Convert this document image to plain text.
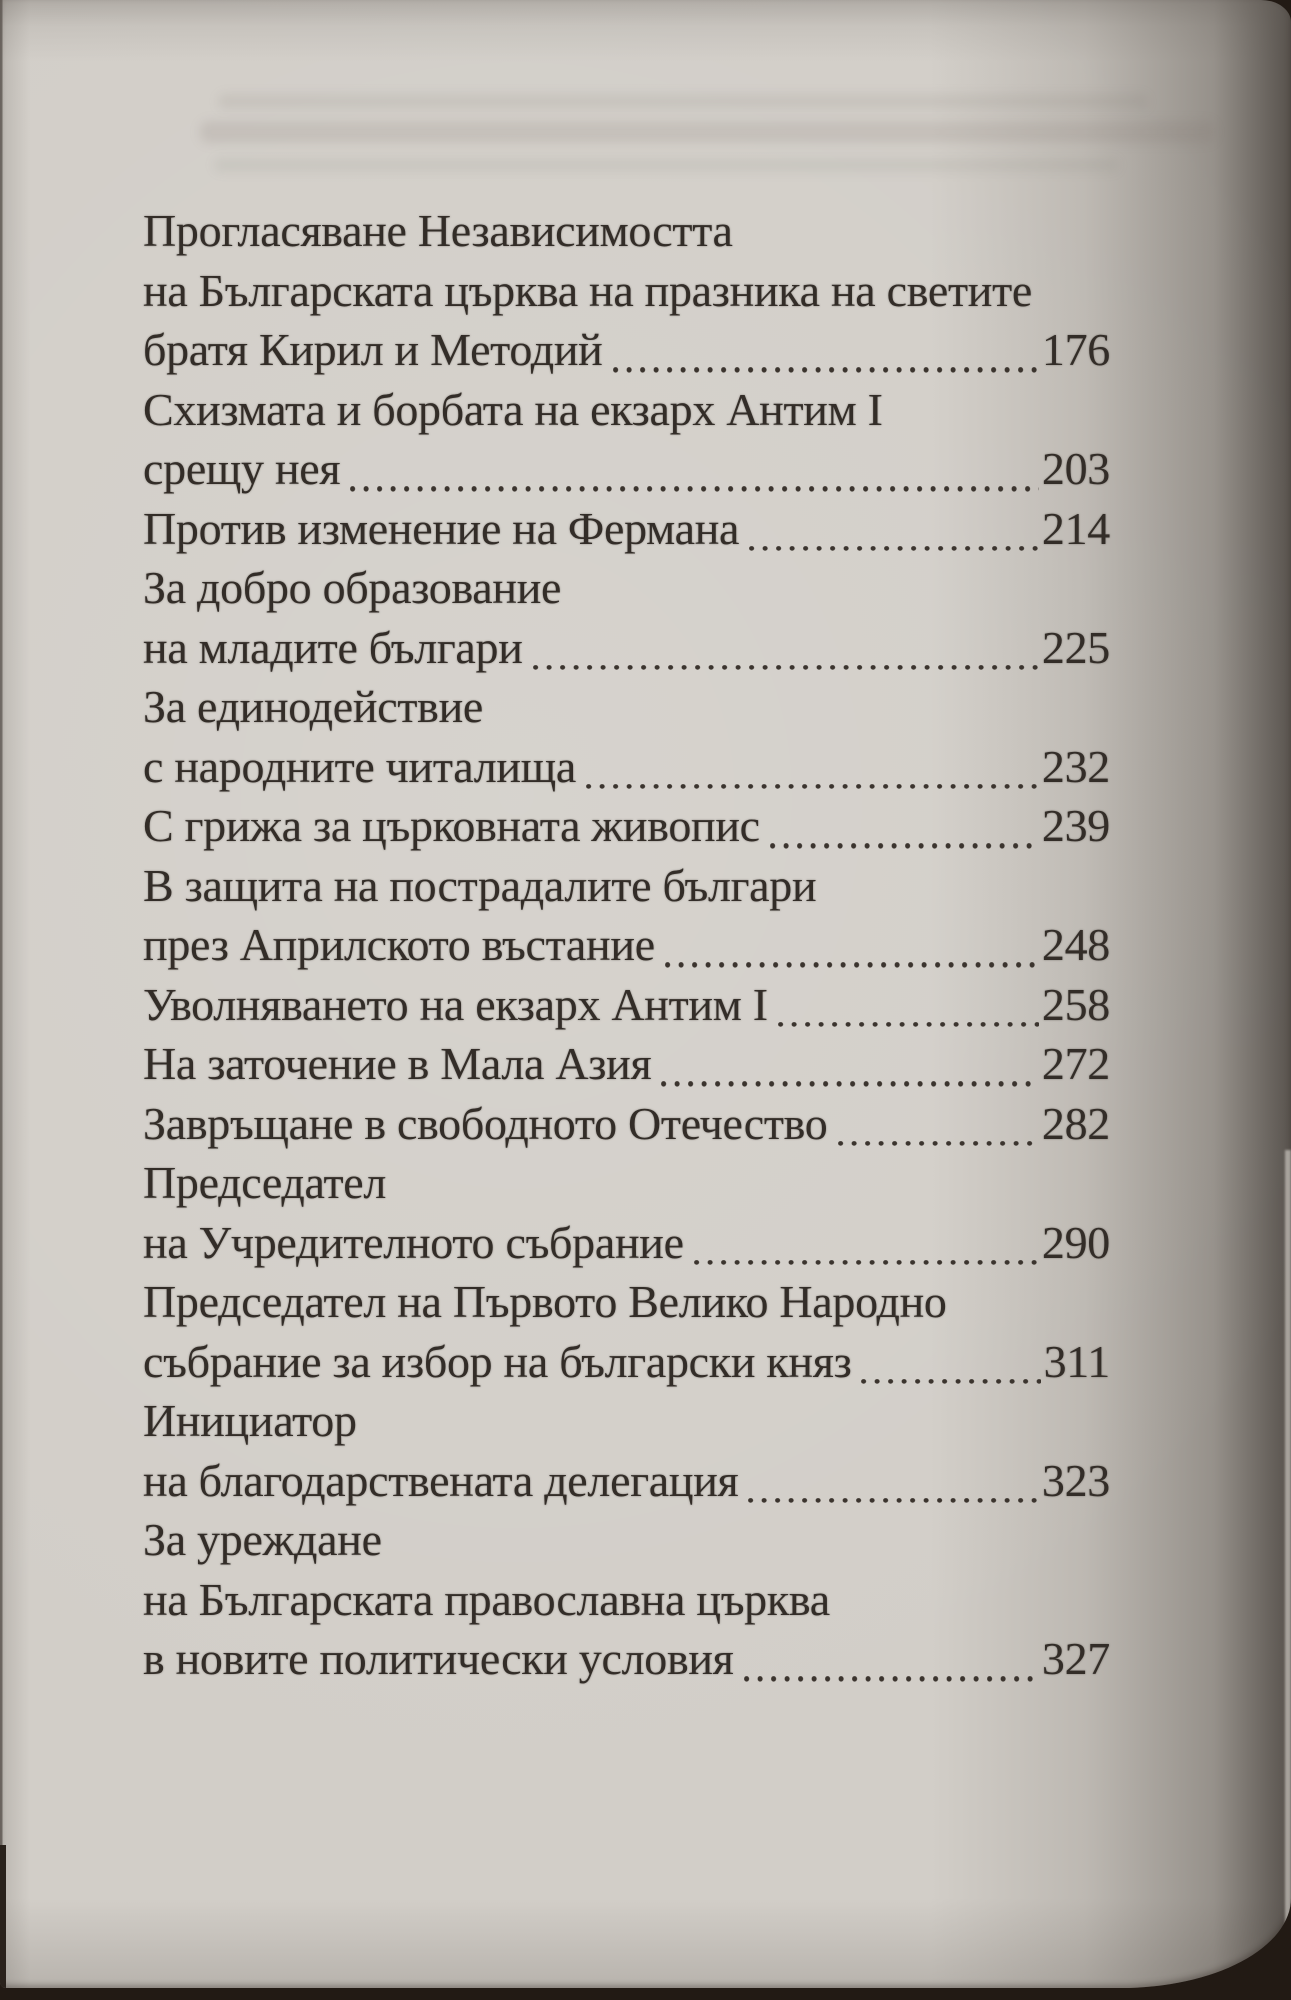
Прогласяване Независимостта
на Българската църква на празника на светите
братя Кирил и Методий	176
Схизмата и борбата на екзарх Антим I
срещу нея	203
Против изменение на Фермана	214
За добро образование
на младите българи	225
За единодействие
с народните читалища	232
С грижа за църковната живопис	239
В защита на пострадалите българи
през Априлското въстание	248
Уволняването на екзарх Антим I	258
На заточение в Мала Азия	272
Завръщане в свободното Отечество	282
Председател
на Учредителното събрание	290
Председател на Първото Велико Народно
събрание за избор на български княз	311
Инициатор
на благодарствената делегация	323
За уреждане
на Българската православна църква
в новите политически условия	327
